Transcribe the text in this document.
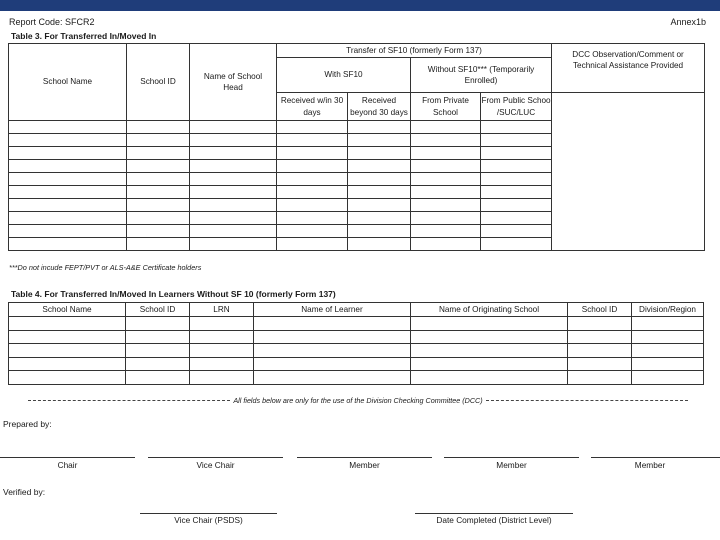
Report Code: SFCR2	Annex1b
Table 3. For Transferred In/Moved In
School Name	School ID	Name of School Head	Transfer of SF10 (formerly Form 137)				DCC Observation/Comment or Technical Assistance Provided
			With SF10		Without SF10*** (Temporarily Enrolled)		
			Received w/in 30 days	Received beyond 30 days	From Private School	From Public Schoo /SUC/LUC	

***Do not incude FEPT/PVT or ALS-A&E Certificate holders
Table 4. For Transferred In/Moved In Learners Without SF 10 (formerly Form 137)
School Name	School ID	LRN	Name of Learner	Name of Originating School	School ID	Division/Region

All fields below are only for the use of the Division Checking Committee (DCC)
Prepared by:
Chair	Vice Chair	Member	Member	Member
Verified by:
Vice Chair (PSDS)	Date Completed (District Level)
